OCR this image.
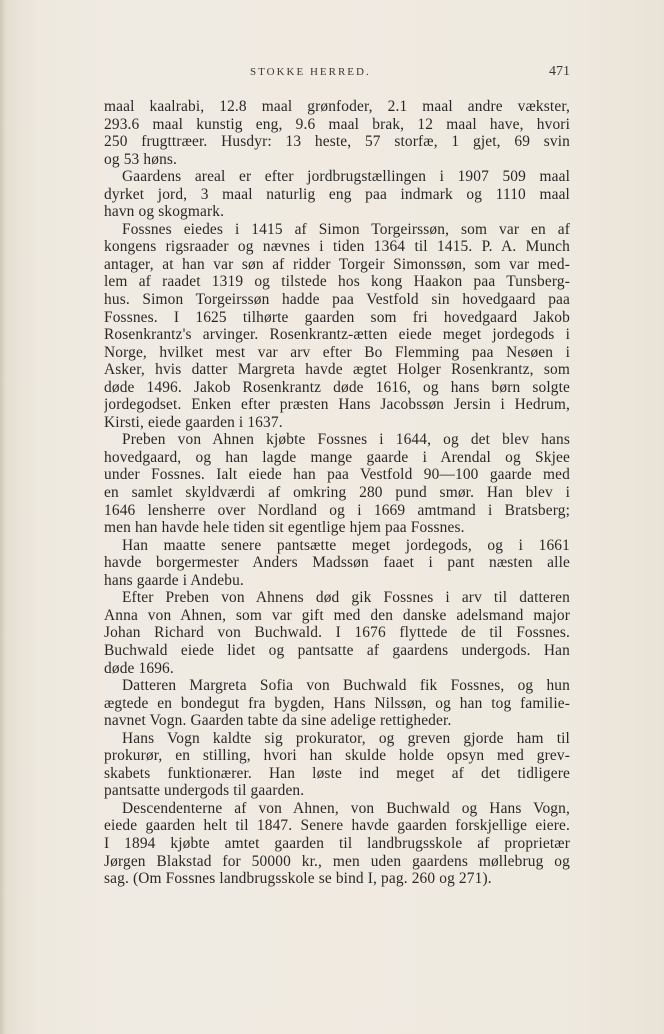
STOKKE HERRED.	471
maal kaalrabi, 12.8 maal grønfoder, 2.1 maal andre vækster,
293.6 maal kunstig eng, 9.6 maal brak, 12 maal have, hvori
250 frugttræer. Husdyr: 13 heste, 57 storfæ, 1 gjet, 69 svin
og 53 høns.
Gaardens areal er efter jordbrugstællingen i 1907 509 maal
dyrket jord, 3 maal naturlig eng paa indmark og 1110 maal
havn og skogmark.
Fossnes eiedes i 1415 af Simon Torgeirssøn, som var en af
kongens rigsraader og nævnes i tiden 1364 til 1415. P. A. Munch
antager, at han var søn af ridder Torgeir Simonssøn, som var med-
lem af raadet 1319 og tilstede hos kong Haakon paa Tunsberg-
hus. Simon Torgeirssøn hadde paa Vestfold sin hovedgaard paa
Fossnes. I 1625 tilhørte gaarden som fri hovedgaard Jakob
Rosenkrantz's arvinger. Rosenkrantz-ætten eiede meget jordegods i
Norge, hvilket mest var arv efter Bo Flemming paa Nesøen i
Asker, hvis datter Margreta havde ægtet Holger Rosenkrantz, som
døde 1496. Jakob Rosenkrantz døde 1616, og hans børn solgte
jordegodset. Enken efter præsten Hans Jacobssøn Jersin i Hedrum,
Kirsti, eiede gaarden i 1637.
Preben von Ahnen kjøbte Fossnes i 1644, og det blev hans
hovedgaard, og han lagde mange gaarde i Arendal og Skjee
under Fossnes. Ialt eiede han paa Vestfold 90—100 gaarde med
en samlet skyldværdi af omkring 280 pund smør. Han blev i
1646 lensherre over Nordland og i 1669 amtmand i Bratsberg;
men han havde hele tiden sit egentlige hjem paa Fossnes.
Han maatte senere pantsætte meget jordegods, og i 1661
havde borgermester Anders Madssøn faaet i pant næsten alle
hans gaarde i Andebu.
Efter Preben von Ahnens død gik Fossnes i arv til datteren
Anna von Ahnen, som var gift med den danske adelsmand major
Johan Richard von Buchwald. I 1676 flyttede de til Fossnes.
Buchwald eiede lidet og pantsatte af gaardens undergods. Han
døde 1696.
Datteren Margreta Sofia von Buchwald fik Fossnes, og hun
ægtede en bondegut fra bygden, Hans Nilssøn, og han tog familie-
navnet Vogn. Gaarden tabte da sine adelige rettigheder.
Hans Vogn kaldte sig prokurator, og greven gjorde ham til
prokurør, en stilling, hvori han skulde holde opsyn med grev-
skabets funktionærer. Han løste ind meget af det tidligere
pantsatte undergods til gaarden.
Descendenterne af von Ahnen, von Buchwald og Hans Vogn,
eiede gaarden helt til 1847. Senere havde gaarden forskjellige eiere.
I 1894 kjøbte amtet gaarden til landbrugsskole af proprietær
Jørgen Blakstad for 50000 kr., men uden gaardens møllebrug og
sag. (Om Fossnes landbrugsskole se bind I, pag. 260 og 271).
